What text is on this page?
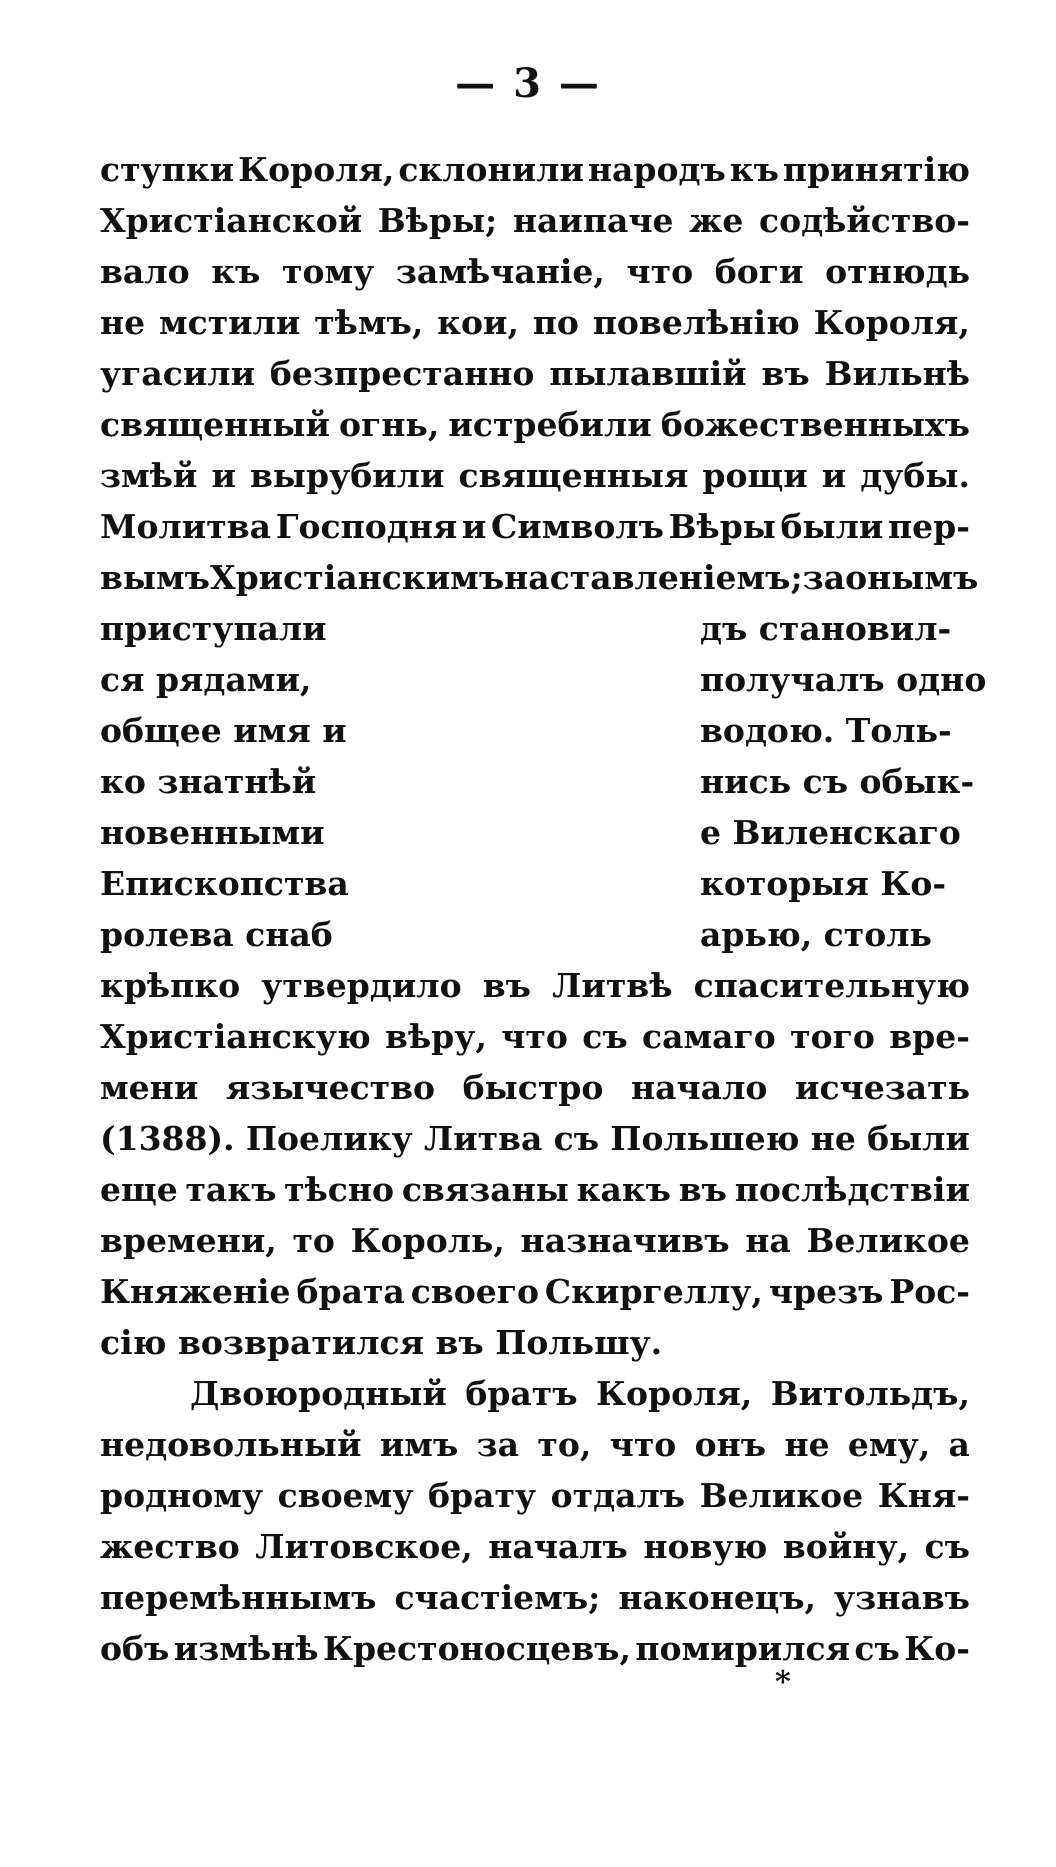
— 3 —
ступки Короля, склонили народъ къ принятію
Христіанской Вѣры; наипаче же содѣйство-
вало къ тому замѣчаніе, что боги отнюдь
не мстили тѣмъ, кои, по повелѣнію Короля,
угасили безпрестанно пылавшій въ Вильнѣ
священный огнь, истребили божественныхъ
змѣй и вырубили священныя рощи и дубы.
Молитва Господня и Символъ Вѣры были пер-
вымъ Христіанскимъ наставленіемъ; за онымъ
приступали	дъ становил-
ся рядами,	получалъ одно
общее имя и	водою. Толь-
ко знатнѣй	нись съ обык-
новенными	е Виленскаго
Епископства	которыя Ко-
ролева снаб	арью, столь
крѣпко утвердило въ Литвѣ спасительную
Христіанскую вѣру, что съ самаго того вре-
мени язычество быстро начало исчезать
(1388). Поелику Литва съ Польшею не были
еще такъ тѣсно связаны какъ въ послѣдствіи
времени, то Король, назначивъ на Великое
Княженіе брата своего Скиргеллу, чрезъ Рос-
сію возвратился въ Польшу.
Двоюродный братъ Короля, Витольдъ,
недовольный имъ за то, что онъ не ему, а
родному своему брату отдалъ Великое Кня-
жество Литовское, началъ новую войну, съ
перемѣннымъ счастіемъ; наконецъ, узнавъ
объ измѣнѣ Крестоносцевъ, помирился съ Ко-
*
